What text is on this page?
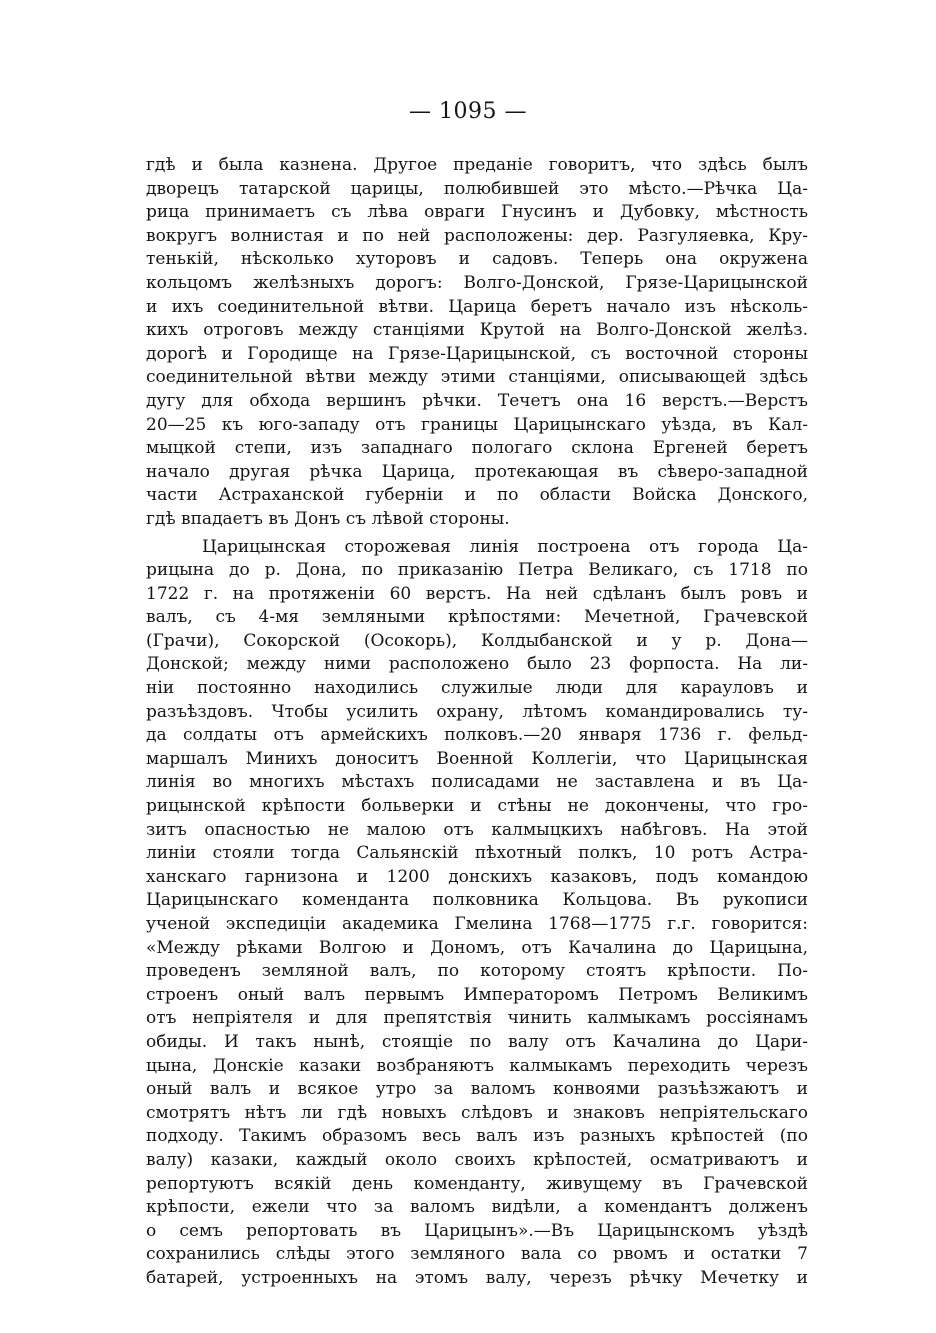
— 1095 —
гдѣ и была казнена. Другое преданіе говоритъ, что здѣсь былъ
дворецъ татарской царицы, полюбившей это мѣсто.—Рѣчка Ца-
рица принимаетъ съ лѣва овраги Гнусинъ и Дубовку, мѣстность
вокругъ волнистая и по ней расположены: дер. Разгуляевка, Кру-
тенькій, нѣсколько хуторовъ и садовъ. Теперь она окружена
кольцомъ желѣзныхъ дорогъ: Волго-Донской, Грязе-Царицынской
и ихъ соединительной вѣтви. Царица беретъ начало изъ нѣсколь-
кихъ отроговъ между станціями Крутой на Волго-Донской желѣз.
дорогѣ и Городище на Грязе-Царицынской, съ восточной стороны
соединительной вѣтви между этими станціями, описывающей здѣсь
дугу для обхода вершинъ рѣчки. Течетъ она 16 верстъ.—Верстъ
20—25 къ юго-западу отъ границы Царицынскаго уѣзда, въ Кал-
мыцкой степи, изъ западнаго пологаго склона Ергеней беретъ
начало другая рѣчка Царица, протекающая въ сѣверо-западной
части Астраханской губерніи и по области Войска Донского,
гдѣ впадаетъ въ Донъ съ лѣвой стороны.
Царицынская сторожевая линія построена отъ города Ца-
рицына до р. Дона, по приказанію Петра Великаго, съ 1718 по
1722 г. на протяженіи 60 верстъ. На ней сдѣланъ былъ ровъ и
валъ, съ 4-мя земляными крѣпостями: Мечетной, Грачевской
(Грачи), Сокорской (Осокорь), Колдыбанской и у р. Дона—
Донской; между ними расположено было 23 форпоста. На ли-
ніи постоянно находились служилые люди для карауловъ и
разъѣздовъ. Чтобы усилить охрану, лѣтомъ командировались ту-
да солдаты отъ армейскихъ полковъ.—20 января 1736 г. фельд-
маршалъ Минихъ доноситъ Военной Коллегіи, что Царицынская
линія во многихъ мѣстахъ полисадами не заставлена и въ Ца-
рицынской крѣпости больверки и стѣны не докончены, что гро-
зитъ опасностью не малою отъ калмыцкихъ набѣговъ. На этой
линіи стояли тогда Сальянскій пѣхотный полкъ, 10 ротъ Астра-
ханскаго гарнизона и 1200 донскихъ казаковъ, подъ командою
Царицынскаго коменданта полковника Кольцова. Въ рукописи
ученой экспедиціи академика Гмелина 1768—1775 г.г. говорится:
«Между рѣками Волгою и Дономъ, отъ Качалина до Царицына,
проведенъ земляной валъ, по которому стоятъ крѣпости. По-
строенъ оный валъ первымъ Императоромъ Петромъ Великимъ
отъ непріятеля и для препятствія чинить калмыкамъ россіянамъ
обиды. И такъ нынѣ, стоящіе по валу отъ Качалина до Цари-
цына, Донскіе казаки возбраняютъ калмыкамъ переходить черезъ
оный валъ и всякое утро за валомъ конвоями разъѣзжаютъ и
смотрятъ нѣтъ ли гдѣ новыхъ слѣдовъ и знаковъ непріятельскаго
подходу. Такимъ образомъ весь валъ изъ разныхъ крѣпостей (по
валу) казаки, каждый около своихъ крѣпостей, осматриваютъ и
репортуютъ всякій день коменданту, живущему въ Грачевской
крѣпости, ежели что за валомъ видѣли, а комендантъ долженъ
о семъ репортовать въ Царицынъ».—Въ Царицынскомъ уѣздѣ
сохранились слѣды этого земляного вала со рвомъ и остатки 7
батарей, устроенныхъ на этомъ валу, черезъ рѣчку Мечетку и
